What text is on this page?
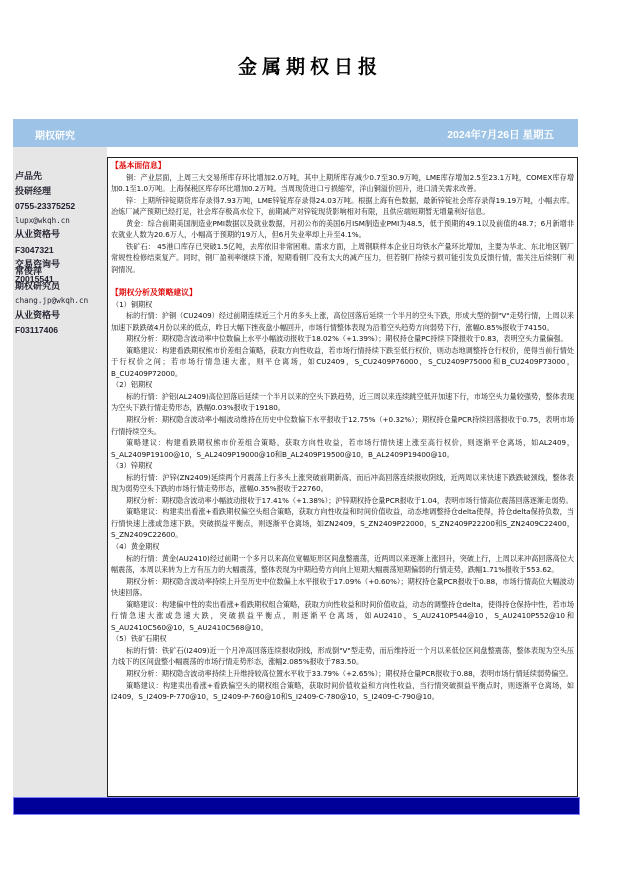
金属期权日报
期权研究	2024年7月26日 星期五
卢品先
投研经理
0755-23375252
lupx@wkqh.cn
从业资格号
F3047321
交易咨询号
Z0015541
常俊萍
期权研究员
chang.jp@wkqh.cn
从业资格号
F03117406
【基本面信息】
铜：产业层面，上周三大交易所库存环比增加2.0万吨，其中上期所库存减少0.7至30.9万吨，LME库存增加2.5至23.1万吨，COMEX库存增加0.1至1.0万吨。上海保税区库存环比增加0.2万吨。当周现货进口亏损缩窄，洋山铜溢价回升，进口清关需求改善。
锌：上期所锌锭期货库存录得7.93万吨，LME锌锭库存录得24.03万吨。根据上海有色数据，最新锌锭社会库存录得19.19万吨，小幅去库。冶炼厂减产预期已经打足，社会库存极高水位下，前期减产对锌锭现货影响相对有限，且供应端短期暂无增量利好信息。
黄金：综合前期美国制造业PMI数据以及就业数据，月初公布的美国6月ISM制造业PMI为48.5，低于预期的49.1以及前值的48.7；6月新增非农就业人数为20.6万人，小幅高于预期的19万人，但6月失业率却上升至4.1%。
铁矿石： 45港口库存已突破1.5亿吨，去库依旧非常困难。需求方面，上周钢联样本企业日均铁水产量环比增加，主要为华北、东北地区钢厂常规性检修结束复产。同时，钢厂盈利率继续下滑，短期看钢厂没有太大的减产压力，但若钢厂持续亏损可能引发负反馈行情，需关注后续钢厂利润情况。
【期权分析及策略建议】
（1）铜期权
标的行情：沪铜（CU2409）经过前期连续近三个月的多头上涨，高位回落后延续一个半月的空头下跌，形成大型的倒"V"走势行情，上周以来加速下跌跌破4月份以来的低点，昨日大幅下挫夜盘小幅回升，市场行情整体表现为沿着空头趋势方向弱势下行，涨幅0.85%报收于74150。
期权分析：期权隐含波动率中位数偏上水平小幅波动报收于18.02%（+1.39%）；期权持仓量PC持续下降报收于0.83，表明空头力量偏强。
策略建议：构建看跌期权熊市价差组合策略，获取方向性收益，若市场行情持续下跌至低行权价，则动态地调整持仓行权价，使得当前行情处于行权价之间；若市场行情急速大涨，则平仓离场，如CU2409，S_CU2409P76000，S_CU2409P75000和B_CU2409P73000，B_CU2409P72000。
（2）铝期权
标的行情：沪铝(AL2409)高位回落后延续一个半月以来的空头下跌趋势，近三周以来连续跳空低开加速下行，市场空头力量较强势，整体表现为空头下跌行情走势形态，跌幅0.03%报收于19180。
期权分析：期权隐含波动率小幅波动维持在历史中位数偏下水平报收于12.75%（+0.32%）；期权持仓量PCR持续回落报收于0.75，表明市场行情持续空头。
策略建议：构建看跌期权熊市价差组合策略，获取方向性收益，若市场行情快速上涨至高行权价，则逐渐平仓离场，如AL2409，S_AL2409P19100@10，S_AL2409P19000@10和B_AL2409P19500@10，B_AL2409P19400@10。
（3）锌期权
标的行情：沪锌(ZN2409)延续两个月震荡上行多头上涨突破前期新高，而后冲高回落连续报收阴线，近两周以来快速下跌跌破颈线，整体表现为弱势空头下跌的市场行情走势形态，涨幅0.35%报收于22760。
期权分析：期权隐含波动率小幅波动报收于17.41%（+1.38%）；沪锌期权持仓量PCR报收于1.04，表明市场行情高位震荡回落逐渐走弱势。
策略建议：构建卖出看涨+看跌期权偏空头组合策略，获取方向性收益和时间价值收益，动态地调整持仓delta使得，持仓delta保持负数，当行情快速上涨或急速下跌，突破损益平衡点，则逐渐平仓离场，如ZN2409，S_ZN2409P22000，S_ZN2409P22200和S_ZN2409C22400，S_ZN2409C22600。
（4）黄金期权
标的行情：黄金(AU2410)经过前期一个多月以来高位宽幅矩形区间盘整震荡，近两周以来逐渐上涨回升，突破上行，上周以来冲高回落高位大幅震荡，本周以来转为上方有压力的大幅震荡，整体表现为中期趋势方向向上短期大幅震荡短期偏弱的行情走势，跌幅1.71%报收于553.62。
期权分析：期权隐含波动率持续上升至历史中位数偏上水平报收于17.09%（+0.60%）；期权持仓量PCR报收于0.88，市场行情高位大幅波动快速回落。
策略建议：构建偏中性的卖出看涨+看跌期权组合策略，获取方向性收益和时间价值收益，动态的调整持仓delta，使得持仓保持中性，若市场行情急速大涨或急速大跌，突破损益平衡点，则逐渐平仓离场，如AU2410，S_AU2410P544@10，S_AU2410P552@10和S_AU2410C560@10，S_AU2410C568@10。
（5）铁矿石期权
标的行情：铁矿石(I2409)近一个月冲高回落连续报收阴线，形成倒"V"型走势，而后维持近一个月以来低位区间盘整震荡，整体表现为空头压力线下的区间盘整小幅震荡的市场行情走势形态，涨幅2.085%报收于783.50。
期权分析：期权隐含波动率持续上升维持较高位置水平收于33.79%（+2.65%）；期权持仓量PCR报收于0.88，表明市场行情延续弱势偏空。
策略建议：构建卖出看涨+看跌偏空头的期权组合策略，获取时间价值收益和方向性收益，当行情突破损益平衡点时，则逐渐平仓离场，如I2409，S_I2409-P-770@10，S_I2409-P-760@10和S_I2409-C-780@10，S_I2409-C-790@10。
